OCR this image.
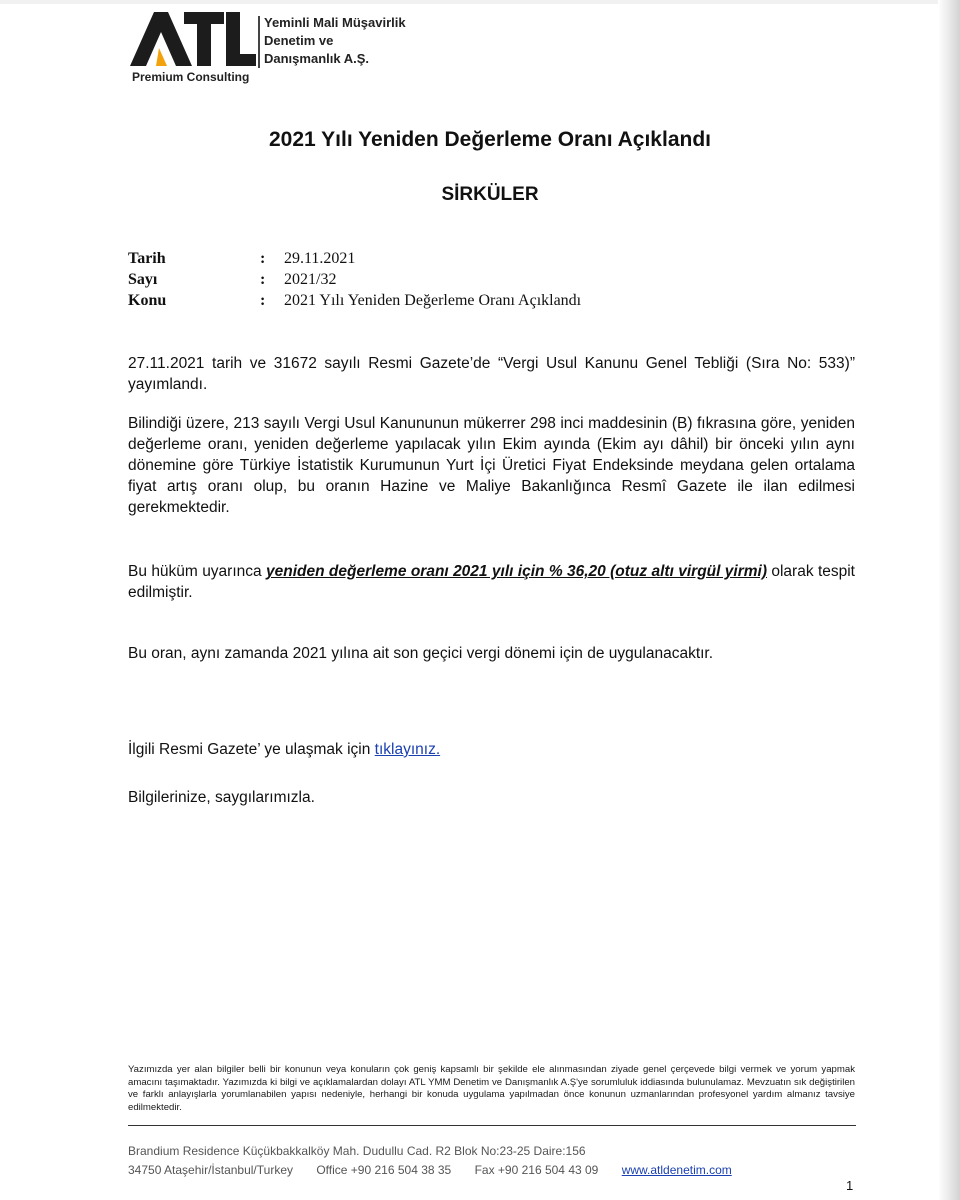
Premium Consulting
Yeminli Mali Müşavirlik
Denetim ve
Danışmanlık A.Ş.
2021 Yılı Yeniden Değerleme Oranı Açıklandı
SİRKÜLER
Tarih	:	29.11.2021
Sayı	:	2021/32
Konu	:	2021 Yılı Yeniden Değerleme Oranı Açıklandı

27.11.2021 tarih ve 31672 sayılı Resmi Gazete’de “Vergi Usul Kanunu Genel Tebliği (Sıra No: 533)” yayımlandı.

Bilindiği üzere, 213 sayılı Vergi Usul Kanununun mükerrer 298 inci maddesinin (B) fıkrasına göre, yeniden değerleme oranı, yeniden değerleme yapılacak yılın Ekim ayında (Ekim ayı dâhil) bir önceki yılın aynı dönemine göre Türkiye İstatistik Kurumunun Yurt İçi Üretici Fiyat Endeksinde meydana gelen ortalama fiyat artış oranı olup, bu oranın Hazine ve Maliye Bakanlığınca Resmî Gazete ile ilan edilmesi gerekmektedir.

Bu hüküm uyarınca yeniden değerleme oranı 2021 yılı için % 36,20 (otuz altı virgül yirmi) olarak tespit edilmiştir.

Bu oran, aynı zamanda 2021 yılına ait son geçici vergi dönemi için de uygulanacaktır.

İlgili Resmi Gazete’ ye ulaşmak için tıklayınız.

Bilgilerinize, saygılarımızla.

Yazımızda yer alan bilgiler belli bir konunun veya konuların çok geniş kapsamlı bir şekilde ele alınmasından ziyade genel çerçevede bilgi vermek ve yorum yapmak amacını taşımaktadır. Yazımızda ki bilgi ve açıklamalardan dolayı ATL YMM Denetim ve Danışmanlık A.Ş'ye sorumluluk iddiasında bulunulamaz. Mevzuatın sık değiştirilen ve farklı anlayışlarla yorumlanabilen yapısı nedeniyle, herhangi bir konuda uygulama yapılmadan önce konunun uzmanlarından profesyonel yardım almanız tavsiye edilmektedir.

Brandium Residence Küçükbakkalköy Mah. Dudullu Cad. R2 Blok No:23-25 Daire:156
34750 Ataşehir/İstanbul/Turkey Office +90 216 504 38 35 Fax +90 216 504 43 09 www.atldenetim.com
1
